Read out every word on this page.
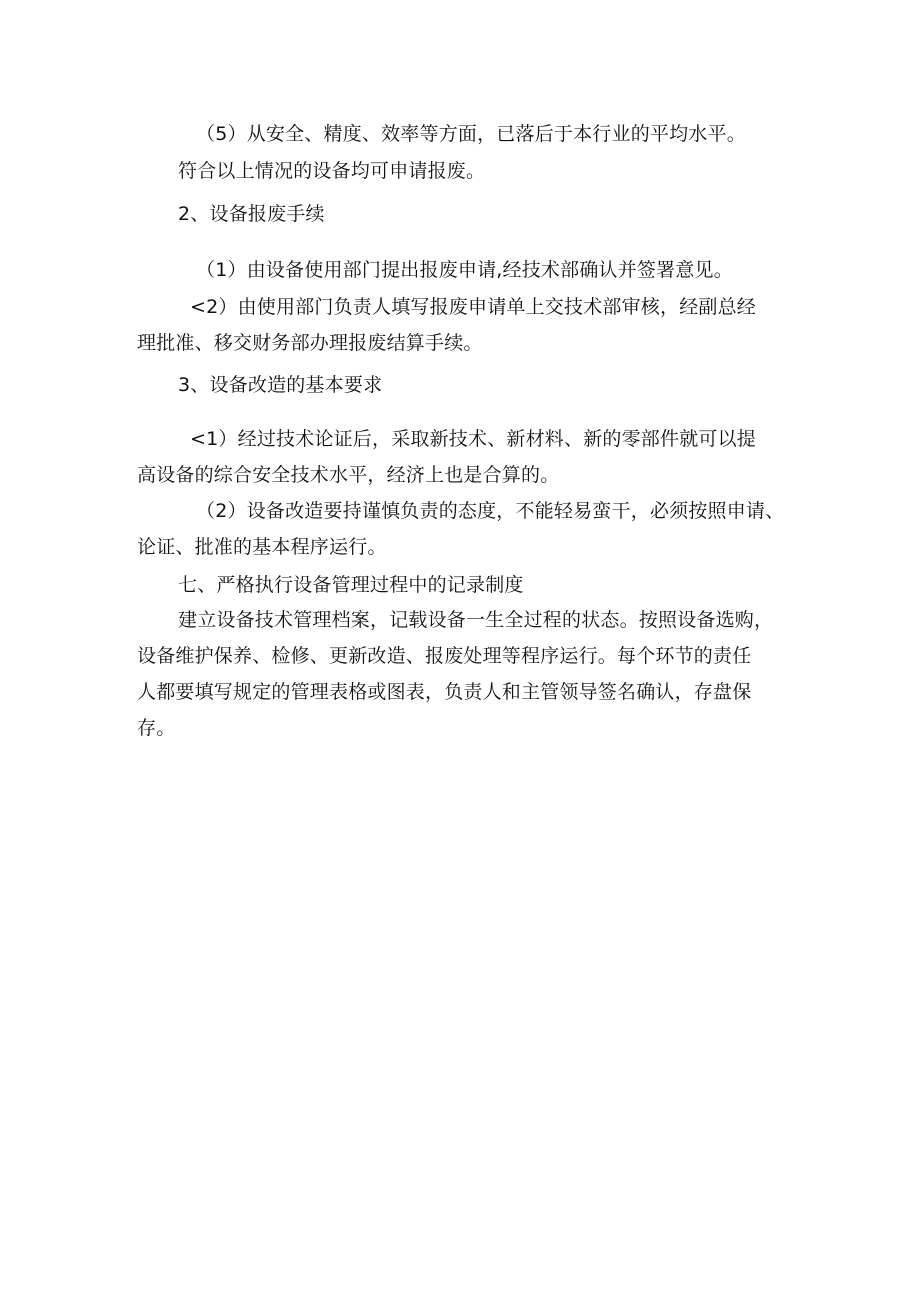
（5）从安全、精度、效率等方面，已落后于本行业的平均水平。
符合以上情况的设备均可申请报废。
2、设备报废手续
（1）由设备使用部门提出报废申请,经技术部确认并签署意见。
<2）由使用部门负责人填写报废申请单上交技术部审核，经副总经
理批准、移交财务部办理报废结算手续。
3、设备改造的基本要求
<1）经过技术论证后，采取新技术、新材料、新的零部件就可以提
高设备的综合安全技术水平，经济上也是合算的。
（2）设备改造要持谨慎负责的态度，不能轻易蛮干，必须按照申请、
论证、批准的基本程序运行。
七、严格执行设备管理过程中的记录制度
建立设备技术管理档案，记载设备一生全过程的状态。按照设备选购，
设备维护保养、检修、更新改造、报废处理等程序运行。每个环节的责任
人都要填写规定的管理表格或图表，负责人和主管领导签名确认，存盘保
存。
